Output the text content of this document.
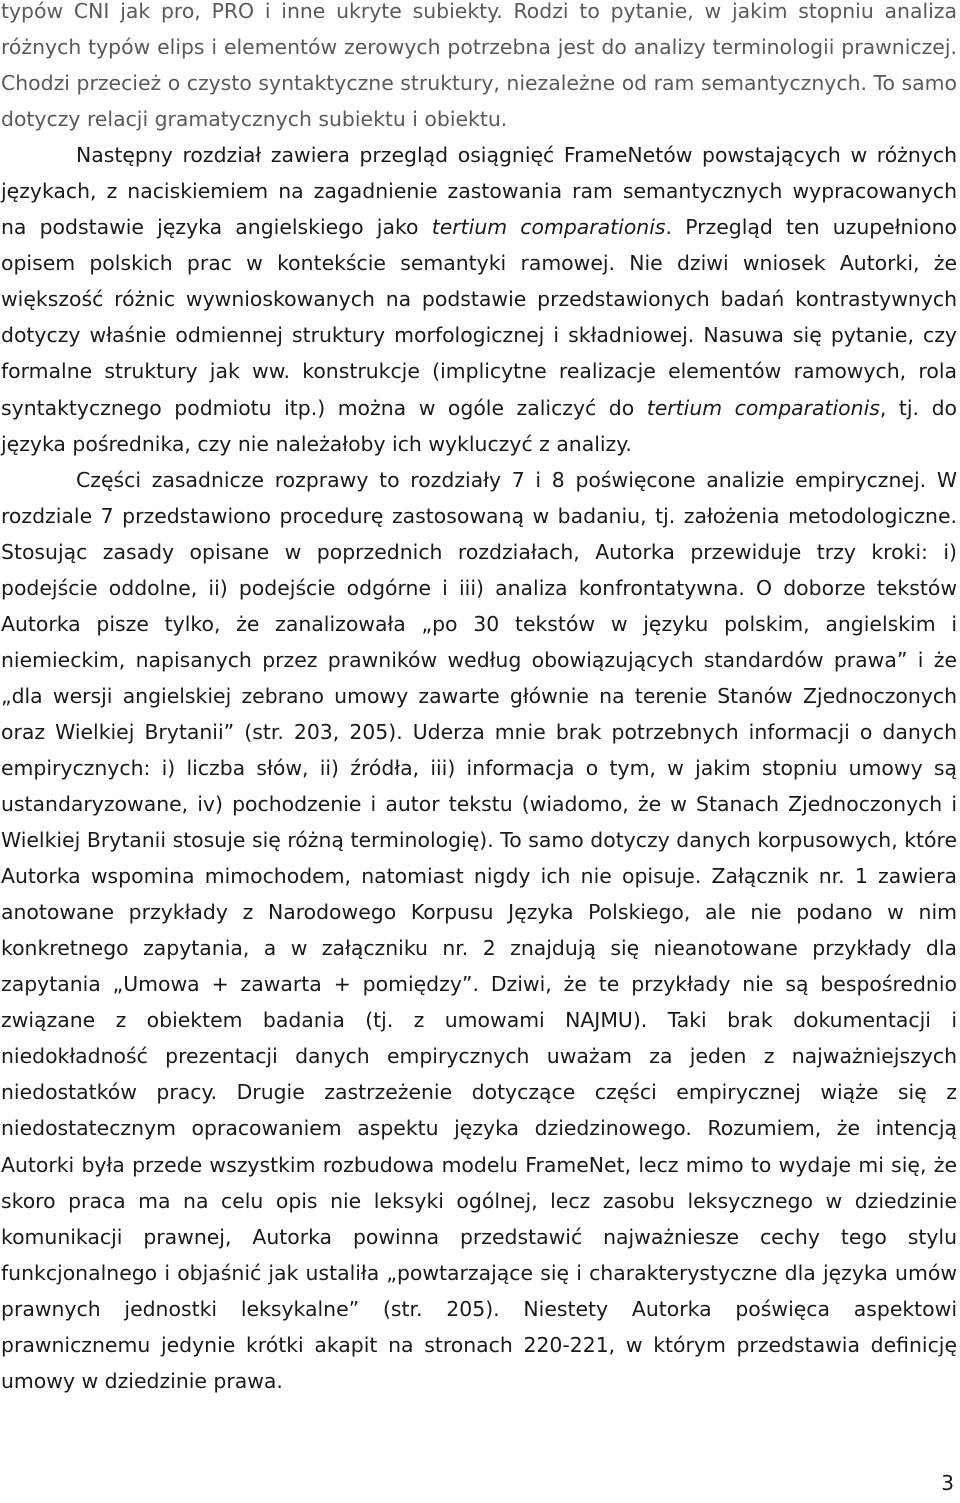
typów CNI jak pro, PRO i inne ukryte subiekty. Rodzi to pytanie, w jakim stopniu analiza różnych typów elips i elementów zerowych potrzebna jest do analizy terminologii prawniczej. Chodzi przecież o czysto syntaktyczne struktury, niezależne od ram semantycznych. To samo dotyczy relacji gramatycznych subiektu i obiektu.

Następny rozdział zawiera przegląd osiągnięć FrameNetów powstających w różnych językach, z naciskiemiem na zagadnienie zastowania ram semantycznych wypracowanych na podstawie języka angielskiego jako tertium comparationis. Przegląd ten uzupełniono opisem polskich prac w kontekście semantyki ramowej. Nie dziwi wniosek Autorki, że większość różnic wywnioskowanych na podstawie przedstawionych badań kontrastywnych dotyczy właśnie odmiennej struktury morfologicznej i składniowej. Nasuwa się pytanie, czy formalne struktury jak ww. konstrukcje (implicytne realizacje elementów ramowych, rola syntaktycznego podmiotu itp.) można w ogóle zaliczyć do tertium comparationis, tj. do języka pośrednika, czy nie należałoby ich wykluczyć z analizy.

Części zasadnicze rozprawy to rozdziały 7 i 8 poświęcone analizie empirycznej. W rozdziale 7 przedstawiono procedurę zastosowaną w badaniu, tj. założenia metodologiczne. Stosując zasady opisane w poprzednich rozdziałach, Autorka przewiduje trzy kroki: i) podejście oddolne, ii) podejście odgórne i iii) analiza konfrontatywna. O doborze tekstów Autorka pisze tylko, że zanalizowała „po 30 tekstów w języku polskim, angielskim i niemieckim, napisanych przez prawników według obowiązujących standardów prawa” i że „dla wersji angielskiej zebrano umowy zawarte głównie na terenie Stanów Zjednoczonych oraz Wielkiej Brytanii” (str. 203, 205). Uderza mnie brak potrzebnych informacji o danych empirycznych: i) liczba słów, ii) źródła, iii) informacja o tym, w jakim stopniu umowy są ustandaryzowane, iv) pochodzenie i autor tekstu (wiadomo, że w Stanach Zjednoczonych i Wielkiej Brytanii stosuje się różną terminologię). To samo dotyczy danych korpusowych, które Autorka wspomina mimochodem, natomiast nigdy ich nie opisuje. Załącznik nr. 1 zawiera anotowane przykłady z Narodowego Korpusu Języka Polskiego, ale nie podano w nim konkretnego zapytania, a w załączniku nr. 2 znajdują się nieanotowane przykłady dla zapytania „Umowa + zawarta + pomiędzy”. Dziwi, że te przykłady nie są bespośrednio związane z obiektem badania (tj. z umowami NAJMU). Taki brak dokumentacji i niedokładność prezentacji danych empirycznych uważam za jeden z najważniejszych niedostatków pracy. Drugie zastrzeżenie dotyczące części empirycznej wiąże się z niedostatecznym opracowaniem aspektu języka dziedzinowego. Rozumiem, że intencją Autorki była przede wszystkim rozbudowa modelu FrameNet, lecz mimo to wydaje mi się, że skoro praca ma na celu opis nie leksyki ogólnej, lecz zasobu leksycznego w dziedzinie komunikacji prawnej, Autorka powinna przedstawić najważniesze cechy tego stylu funkcjonalnego i objaśnić jak ustaliła „powtarzające się i charakterystyczne dla języka umów prawnych jednostki leksykalne” (str. 205). Niestety Autorka poświęca aspektowi prawnicznemu jedynie krótki akapit na stronach 220-221, w którym przedstawia definicję umowy w dziedzinie prawa.

3
